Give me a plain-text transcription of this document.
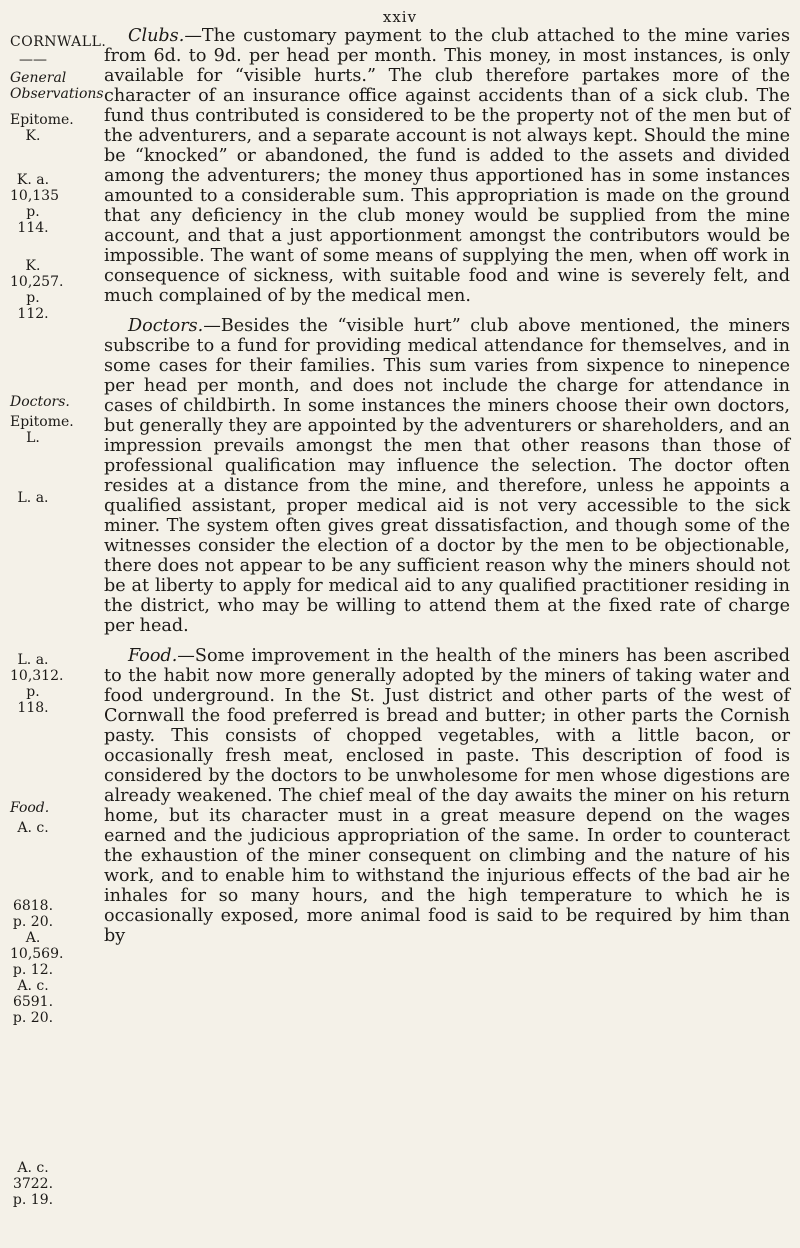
xxiv
CORNWALL.
——
General Observations.
Epitome.
K.
K. a.
10,135
p. 114.
K.
10,257.
p. 112.
Doctors.
Epitome.
L.
L. a.
L. a.
10,312.
p. 118.
Food.
A. c.
6818.
p. 20.
A.
10,569.
p. 12.
A. c.
6591.
p. 20.
A. c.
3722.
p. 19.

Clubs.—The customary payment to the club attached to the mine varies from 6d. to 9d. per head per month. This money, in most instances, is only available for “visible hurts.” The club therefore partakes more of the character of an insurance office against accidents than of a sick club. The fund thus contributed is considered to be the property not of the men but of the adventurers, and a separate account is not always kept. Should the mine be “knocked” or abandoned, the fund is added to the assets and divided among the adventurers; the money thus apportioned has in some instances amounted to a considerable sum. This appropriation is made on the ground that any deficiency in the club money would be supplied from the mine account, and that a just apportionment amongst the contributors would be impossible. The want of some means of supplying the men, when off work in consequence of sickness, with suitable food and wine is severely felt, and much complained of by the medical men.

Doctors.—Besides the “visible hurt” club above mentioned, the miners subscribe to a fund for providing medical attendance for themselves, and in some cases for their families. This sum varies from sixpence to ninepence per head per month, and does not include the charge for attendance in cases of childbirth. In some instances the miners choose their own doctors, but generally they are appointed by the adventurers or shareholders, and an impression prevails amongst the men that other reasons than those of professional qualification may influence the selection. The doctor often resides at a distance from the mine, and therefore, unless he appoints a qualified assistant, proper medical aid is not very accessible to the sick miner. The system often gives great dissatisfaction, and though some of the witnesses consider the election of a doctor by the men to be objectionable, there does not appear to be any sufficient reason why the miners should not be at liberty to apply for medical aid to any qualified practitioner residing in the district, who may be willing to attend them at the fixed rate of charge per head.

Food.—Some improvement in the health of the miners has been ascribed to the habit now more generally adopted by the miners of taking water and food underground. In the St. Just district and other parts of the west of Cornwall the food preferred is bread and butter; in other parts the Cornish pasty. This consists of chopped vegetables, with a little bacon, or occasionally fresh meat, enclosed in paste. This description of food is considered by the doctors to be unwholesome for men whose digestions are already weakened. The chief meal of the day awaits the miner on his return home, but its character must in a great measure depend on the wages earned and the judicious appropriation of the same. In order to counteract the exhaustion of the miner consequent on climbing and the nature of his work, and to enable him to withstand the injurious effects of the bad air he inhales for so many hours, and the high temperature to which he is occasionally exposed, more animal food is said to be required by him than by
